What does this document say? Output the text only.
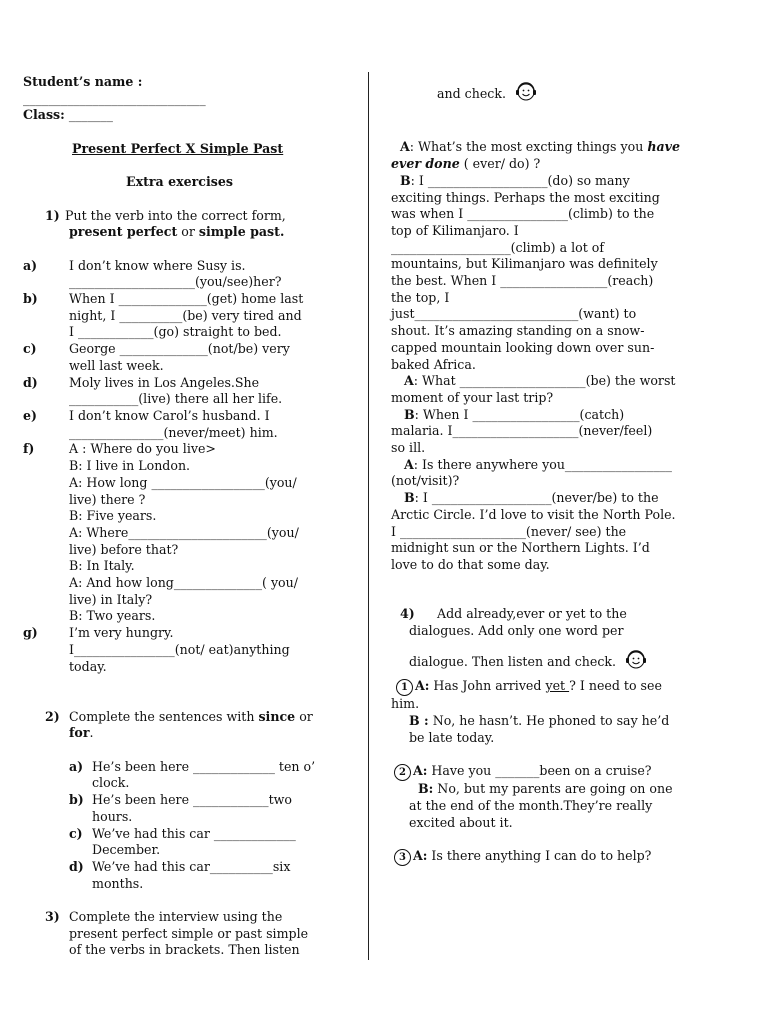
Student’s name :
_____________________________
Class: _______
Present Perfect X Simple Past
Extra exercises
1) Put the verb into the correct form,
present perfect or simple past.
a)	I don’t know where Susy is.
____________________(you/see)her?
b) When I ______________(get) home last
night, I __________(be) very tired and
I ____________(go) straight to bed.
c)	George ______________(not/be) very
well last week.
d) Moly lives in Los Angeles.She
___________(live) there all her life.
e)	I don’t know Carol’s husband. I
_______________(never/meet) him.
f)	A : Where do you live>
B: I live in London.
A: How long __________________(you/
live) there ?
B: Five years.
A: Where______________________(you/
live) before that?
B: In Italy.
A: And how long______________( you/
live) in Italy?
B: Two years.
g) I’m very hungry.
I________________(not/ eat)anything
today.
2) Complete the sentences with since or
for.
a) He’s been here _____________ ten o’
clock.
b) He’s been here ____________two
hours.
c) We’ve had this car _____________
December.
d) We’ve had this car__________six
months.
3) Complete the interview using the
present perfect simple or past simple
of the verbs in brackets. Then listen
and check.
A: What’s the most excting things you have
ever done ( ever/ do) ?
B: I ___________________(do) so many
exciting things. Perhaps the most exciting
was when I ________________(climb) to the
top of Kilimanjaro. I
___________________(climb) a lot of
mountains, but Kilimanjaro was definitely
the best. When I _________________(reach)
the top, I
just__________________________(want) to
shout. It’s amazing standing on a snow-
capped mountain looking down over sun-
baked Africa.
A: What ____________________(be) the worst
moment of your last trip?
B: When I _________________(catch)
malaria. I____________________(never/feel)
so ill.
A: Is there anywhere you_________________
(not/visit)?
B: I ___________________(never/be) to the
Arctic Circle. I’d love to visit the North Pole.
I ____________________(never/ see) the
midnight sun or the Northern Lights. I’d
love to do that some day.
4) Add already,ever or yet to the
dialogues. Add only one word per
dialogue. Then listen and check.
1 A: Has John arrived yet ? I need to see
him.
B : No, he hasn’t. He phoned to say he’d
be late today.
2 A: Have you _______been on a cruise?
B: No, but my parents are going on one
at the end of the month.They’re really
excited about it.
3 A: Is there anything I can do to help?
